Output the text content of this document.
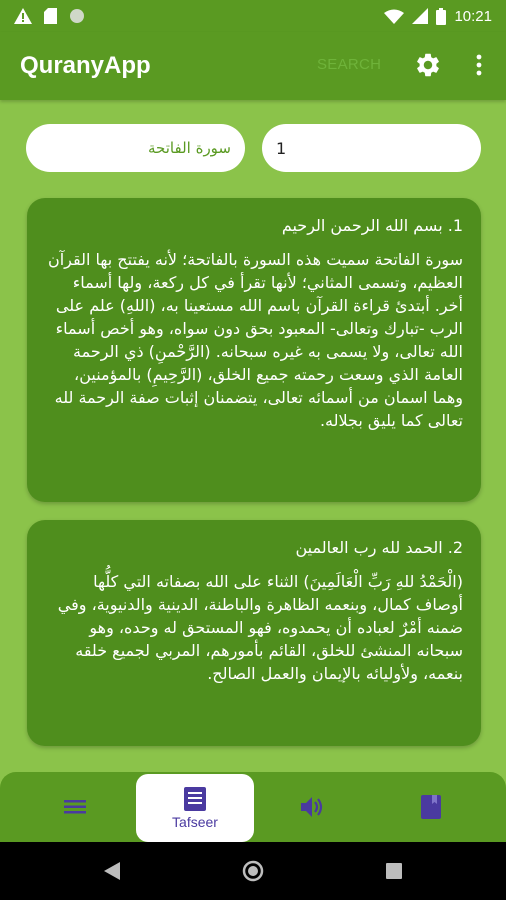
10:21
QuranyApp	SEARCH
سورة الفاتحة	1
1. بسم الله الرحمن الرحيم
سورة الفاتحة سميت هذه السورة بالفاتحة؛ لأنه يفتتح بها القرآن العظيم، وتسمى المثاني؛ لأنها تقرأ في كل ركعة، ولها أسماء أخر. أبتدئ قراءة القرآن باسم الله مستعينا به، (اللهِ) علم على الرب -تبارك وتعالى- المعبود بحق دون سواه، وهو أخص أسماء الله تعالى، ولا يسمى به غيره سبحانه. (الرَّحْمنِ) ذي الرحمة العامة الذي وسعت رحمته جميع الخلق، (الرَّحِيمِ) بالمؤمنين، وهما اسمان من أسمائه تعالى، يتضمنان إثبات صفة الرحمة لله تعالى كما يليق بجلاله.
2. الحمد لله رب العالمين
(الْحَمْدُ للهِ رَبِّ الْعَالَمِينَ) الثناء على الله بصفاته التي كلُّها أوصاف كمال، وبنعمه الظاهرة والباطنة، الدينية والدنيوية، وفي ضمنه أمْرٌ لعباده أن يحمدوه، فهو المستحق له وحده، وهو سبحانه المنشئ للخلق، القائم بأمورهم، المربي لجميع خلقه بنعمه، ولأوليائه بالإيمان والعمل الصالح.
Tafseer
